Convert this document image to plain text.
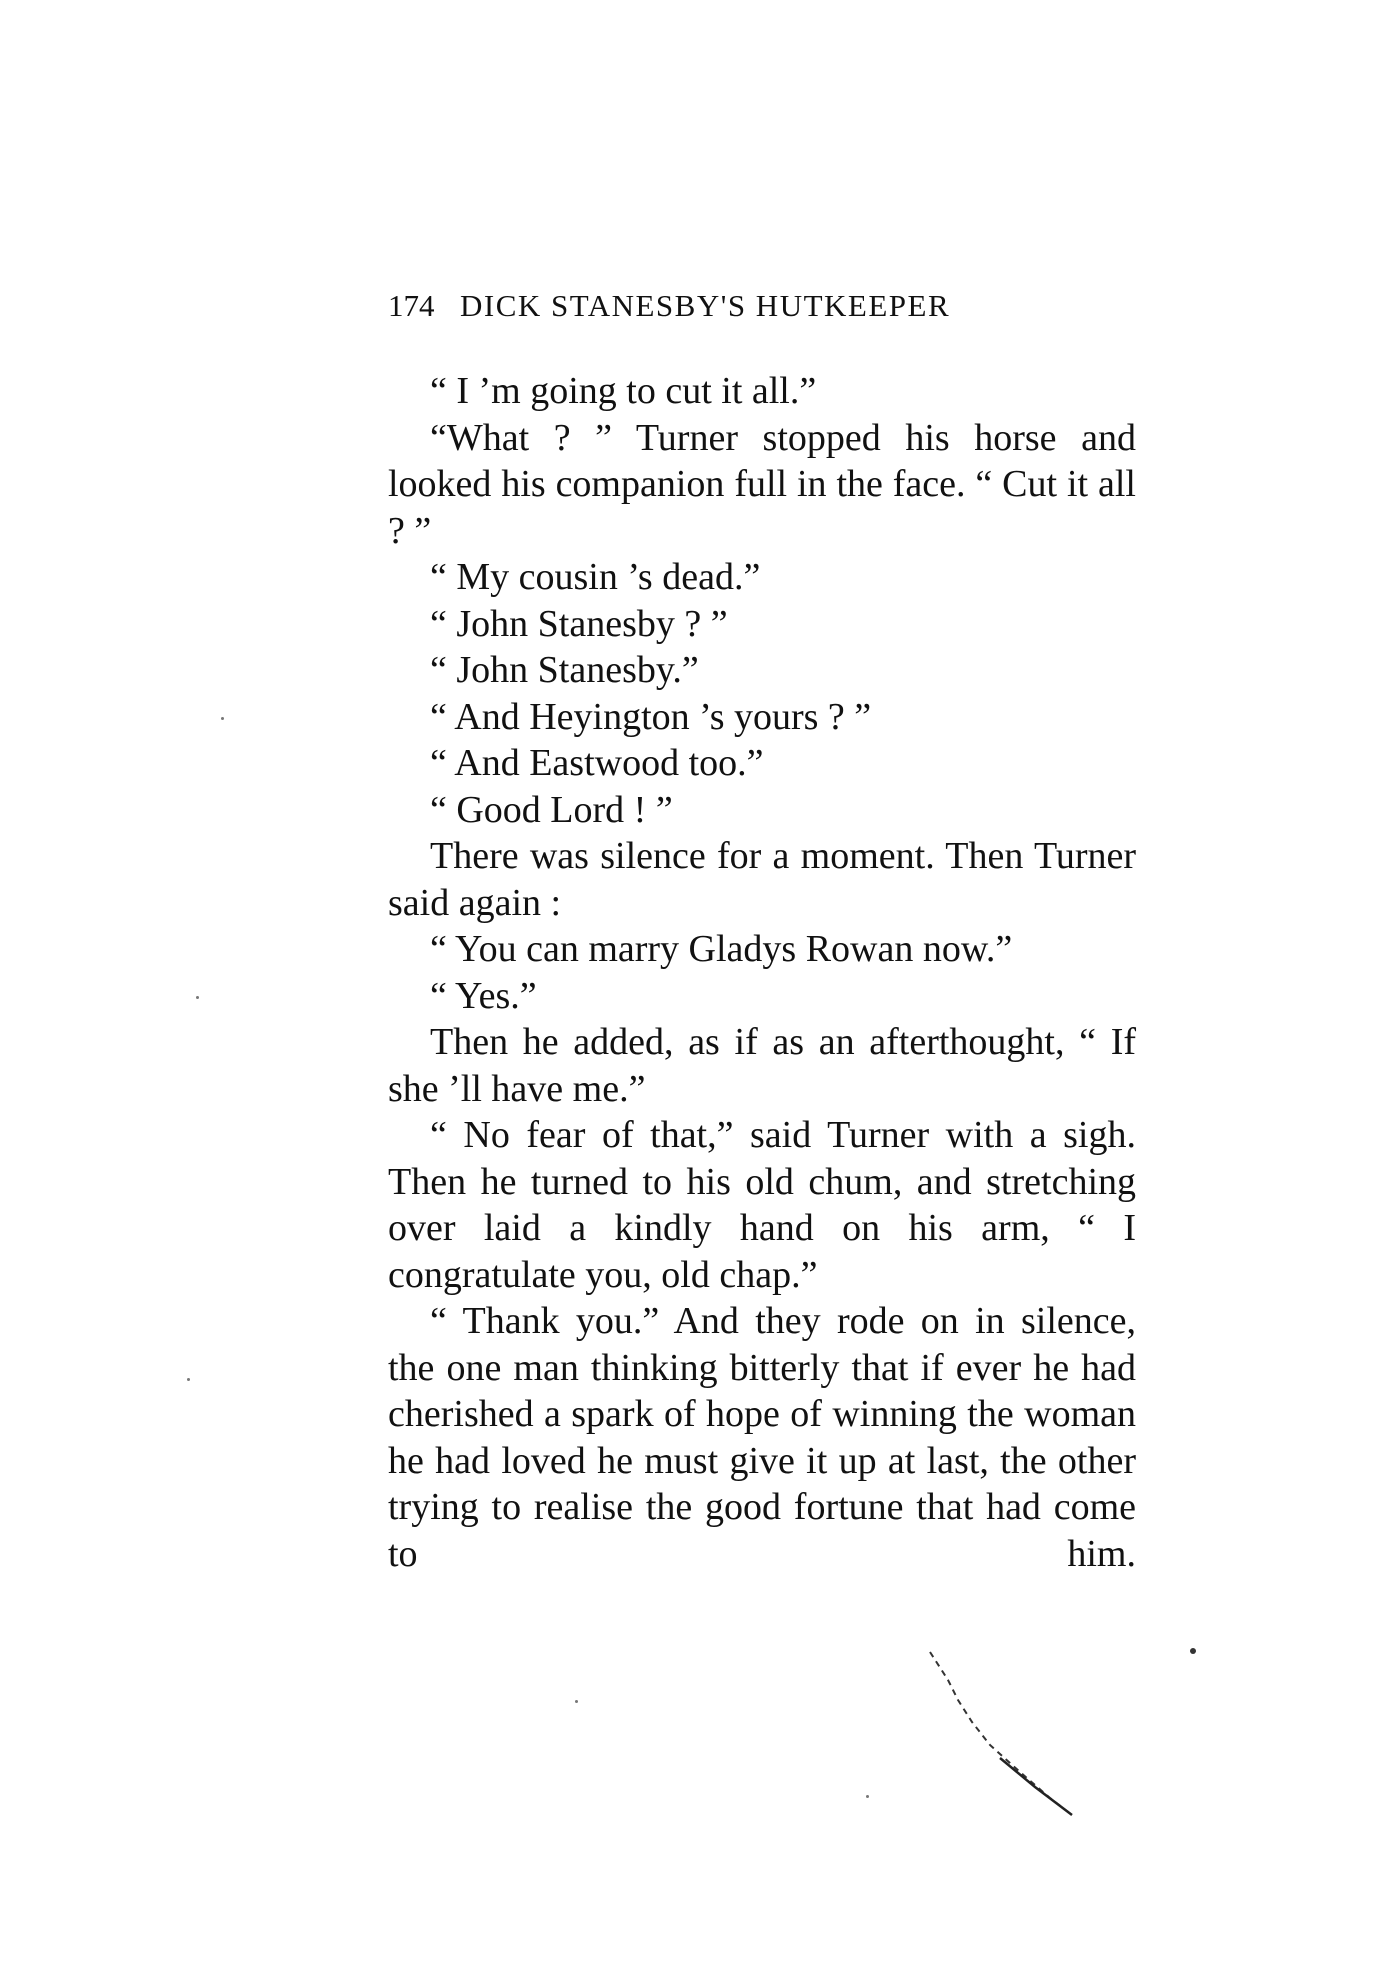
174 DICK STANESBY'S HUTKEEPER

“ I ’m going to cut it all.”

“What ? ” Turner stopped his horse and looked his companion full in the face. “ Cut it all ? ”

“ My cousin ’s dead.”

“ John Stanesby ? ”

“ John Stanesby.”

“ And Heyington ’s yours ? ”

“ And Eastwood too.”

“ Good Lord ! ”

There was silence for a moment. Then Turner said again :

“ You can marry Gladys Rowan now.”

“ Yes.”

Then he added, as if as an afterthought, “ If she ’ll have me.”

“ No fear of that,” said Turner with a sigh. Then he turned to his old chum, and stretching over laid a kindly hand on his arm, “ I congratulate you, old chap.”

“ Thank you.” And they rode on in silence, the one man thinking bitterly that if ever he had cherished a spark of hope of winning the woman he had loved he must give it up at last, the other trying to realise the good fortune that had come to him.
